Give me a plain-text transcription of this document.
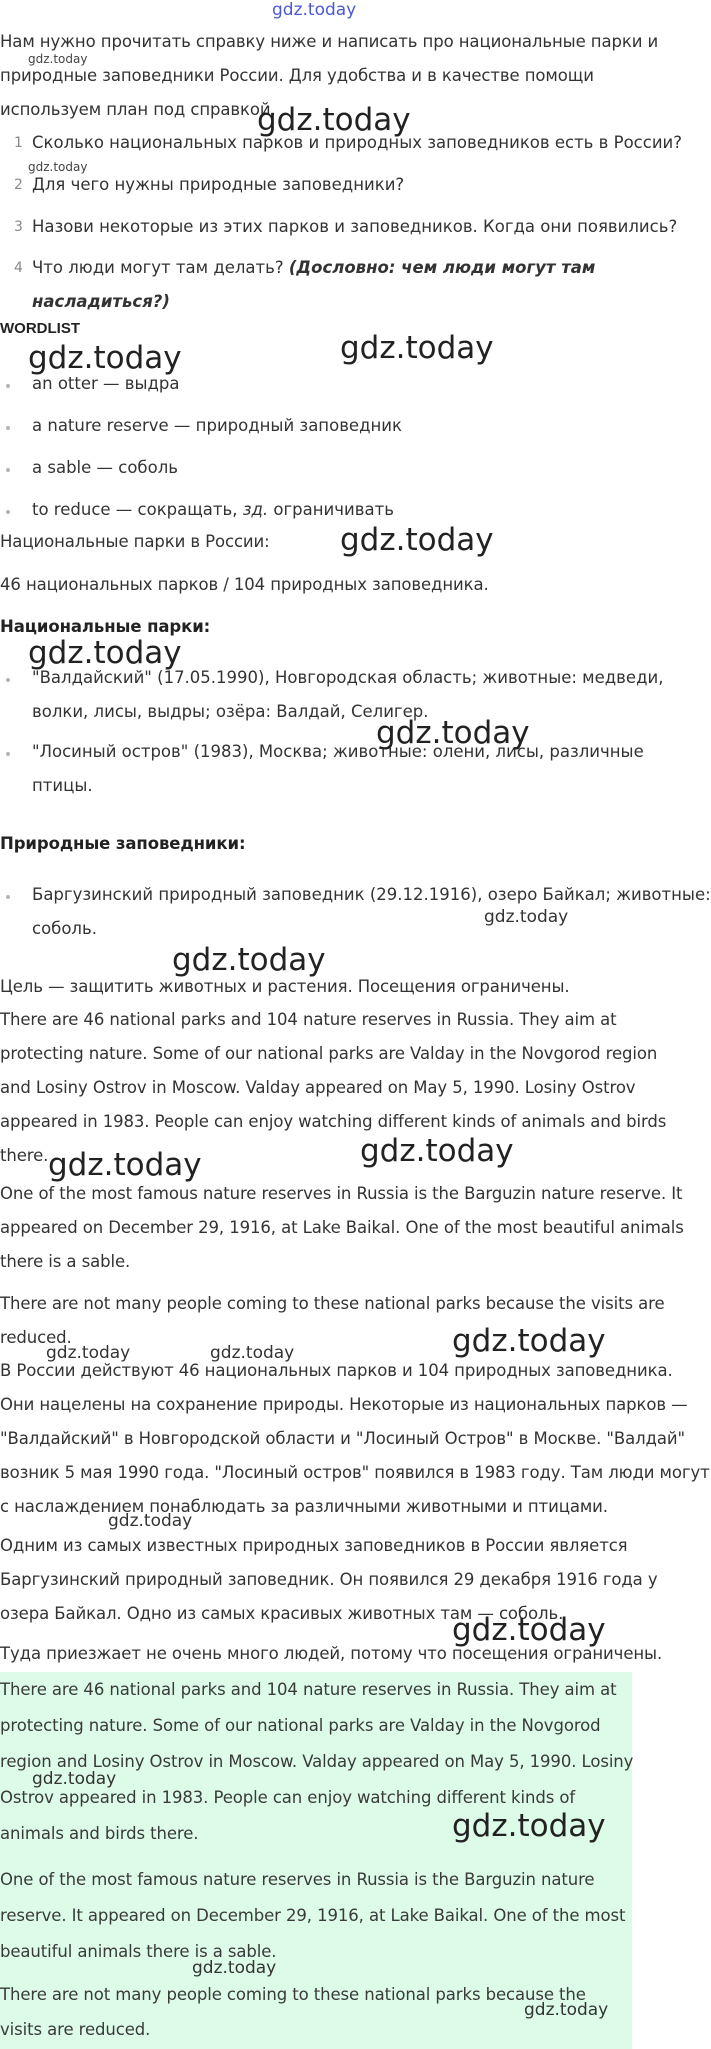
gdz.today
Нам нужно прочитать справку ниже и написать про национальные парки и
природные заповедники России. Для удобства и в качестве помощи
используем план под справкой.
gdz.today
gdz.today
1 Сколько национальных парков и природных заповедников есть в России?
gdz.today
2 Для чего нужны природные заповедники?
3 Назови некоторые из этих парков и заповедников. Когда они появились?
4 Что люди могут там делать? (Дословно: чем люди могут там
насладиться?)
WORDLIST
gdz.today	gdz.today
an otter — выдра
a nature reserve — природный заповедник
a sable — соболь
to reduce — сокращать, зд. ограничивать
Национальные парки в России: gdz.today
46 национальных парков / 104 природных заповедника.
Национальные парки:
gdz.today
"Валдайский" (17.05.1990), Новгородская область; животные: медведи,
волки, лисы, выдры; озёра: Валдай, Селигер.
"Лосиный остров" (1983), Москва; животные: олени, лисы, различные
gdz.today
птицы.
Природные заповедники:
Баргузинский природный заповедник (29.12.1916), озеро Байкал; животные:
соболь.
gdz.today
gdz.today
Цель — защитить животных и растения. Посещения ограничены.
There are 46 national parks and 104 nature reserves in Russia. They aim at
protecting nature. Some of our national parks are Valday in the Novgorod region
and Losiny Ostrov in Moscow. Valday appeared on May 5, 1990. Losiny Ostrov
appeared in 1983. People can enjoy watching different kinds of animals and birds
there. gdz.today	gdz.today
One of the most famous nature reserves in Russia is the Barguzin nature reserve. It
appeared on December 29, 1916, at Lake Baikal. One of the most beautiful animals
there is a sable.
There are not many people coming to these national parks because the visits are
reduced.
gdz.today	gdz.today	gdz.today
В России действуют 46 национальных парков и 104 природных заповедника.
Они нацелены на сохранение природы. Некоторые из национальных парков —
"Валдайский" в Новгородской области и "Лосиный Остров" в Москве. "Валдай"
возник 5 мая 1990 года. "Лосиный остров" появился в 1983 году. Там люди могут
с наслаждением понаблюдать за различными животными и птицами.
gdz.today
Одним из самых известных природных заповедников в России является
Баргузинский природный заповедник. Он появился 29 декабря 1916 года у
озера Байкал. Одно из самых красивых животных там — соболь.
gdz.today
Туда приезжает не очень много людей, потому что посещения ограничены.
There are 46 national parks and 104 nature reserves in Russia. They aim at
protecting nature. Some of our national parks are Valday in the Novgorod
region and Losiny Ostrov in Moscow. Valday appeared on May 5, 1990. Losiny
Ostrov appeared in 1983. People can enjoy watching different kinds of
animals and birds there.
gdz.today
gdz.today
One of the most famous nature reserves in Russia is the Barguzin nature
reserve. It appeared on December 29, 1916, at Lake Baikal. One of the most
beautiful animals there is a sable.
gdz.today
There are not many people coming to these national parks because the
visits are reduced.
gdz.today
